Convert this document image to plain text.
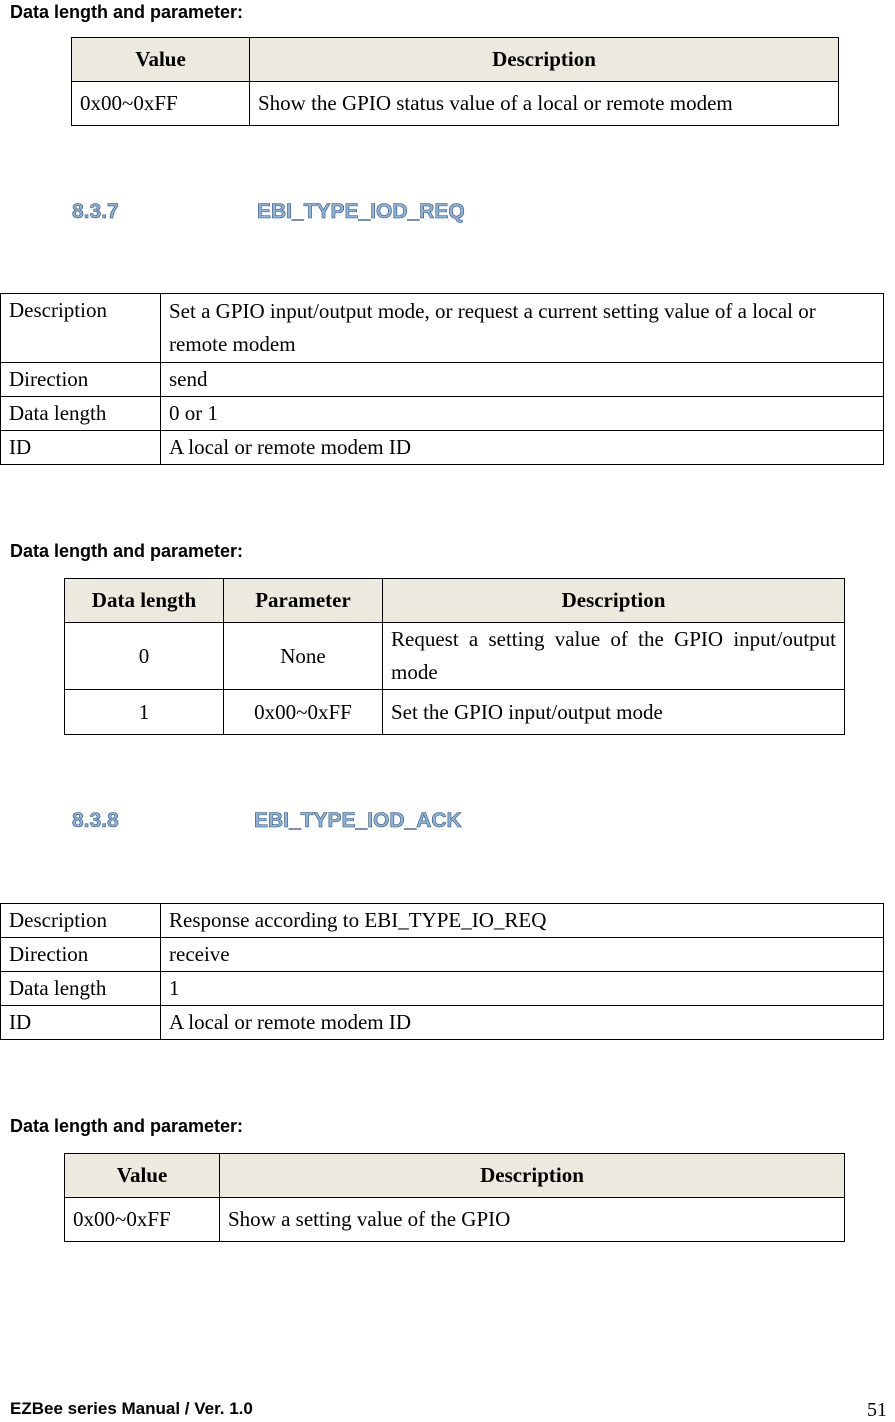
Data length and parameter:
Value	Description
0x00~0xFF	Show the GPIO status value of a local or remote modem
8.3.7	EBI_TYPE_IOD_REQ
Description	Set a GPIO input/output mode, or request a current setting value of a local or remote modem
Direction	send
Data length	0 or 1
ID	A local or remote modem ID
Data length and parameter:
Data length	Parameter	Description
0	None	Request a setting value of the GPIO input/output mode
1	0x00~0xFF	Set the GPIO input/output mode
8.3.8	EBI_TYPE_IOD_ACK
Description	Response according to EBI_TYPE_IO_REQ
Direction	receive
Data length	1
ID	A local or remote modem ID
Data length and parameter:
Value	Description
0x00~0xFF	Show a setting value of the GPIO
EZBee series Manual / Ver. 1.0	51
